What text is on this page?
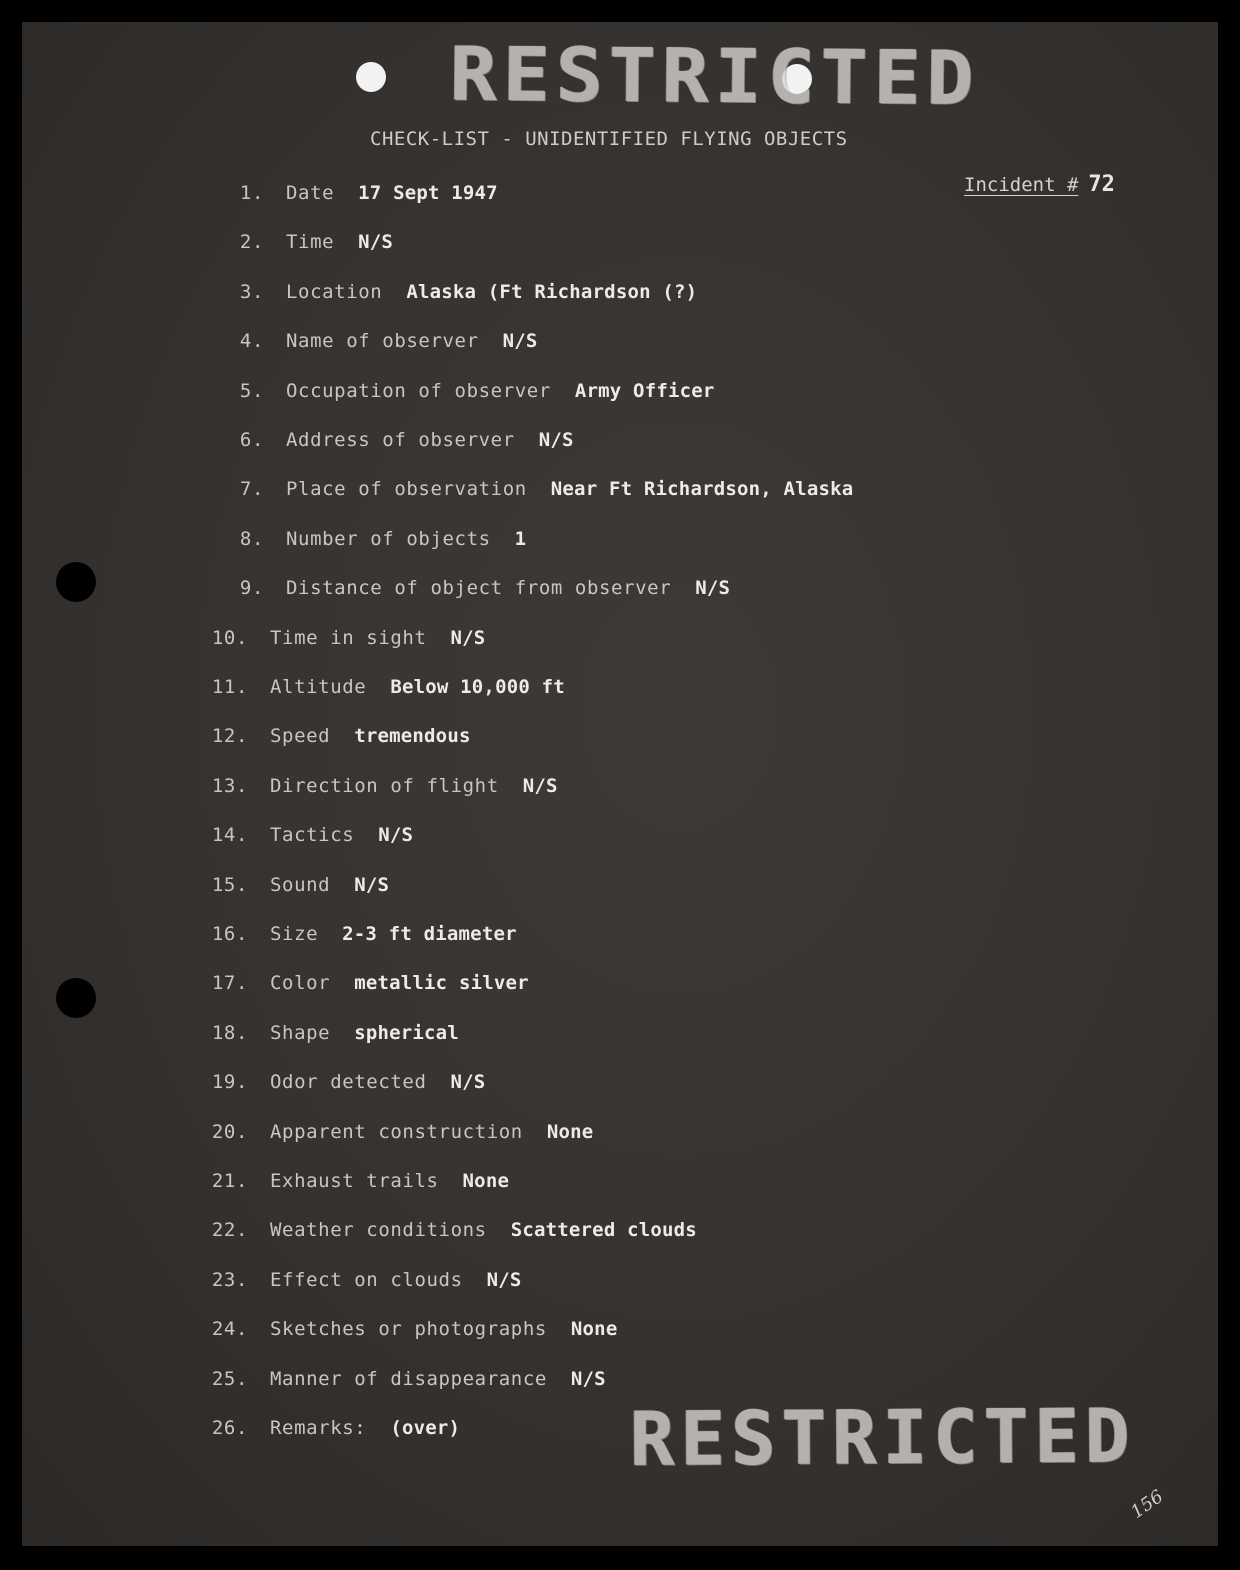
RESTRICTED
CHECK-LIST - UNIDENTIFIED FLYING OBJECTS
Incident # 72
1. Date 17 Sept 1947
2. Time N/S
3. Location Alaska (Ft Richardson (?)
4. Name of observer N/S
5. Occupation of observer Army Officer
6. Address of observer N/S
7. Place of observation Near Ft Richardson, Alaska
8. Number of objects 1
9. Distance of object from observer N/S
10. Time in sight N/S
11. Altitude Below 10,000 ft
12. Speed tremendous
13. Direction of flight N/S
14. Tactics N/S
15. Sound N/S
16. Size 2-3 ft diameter
17. Color metallic silver
18. Shape spherical
19. Odor detected N/S
20. Apparent construction None
21. Exhaust trails None
22. Weather conditions Scattered clouds
23. Effect on clouds N/S
24. Sketches or photographs None
25. Manner of disappearance N/S
26. Remarks: (over) RESTRICTED
156
